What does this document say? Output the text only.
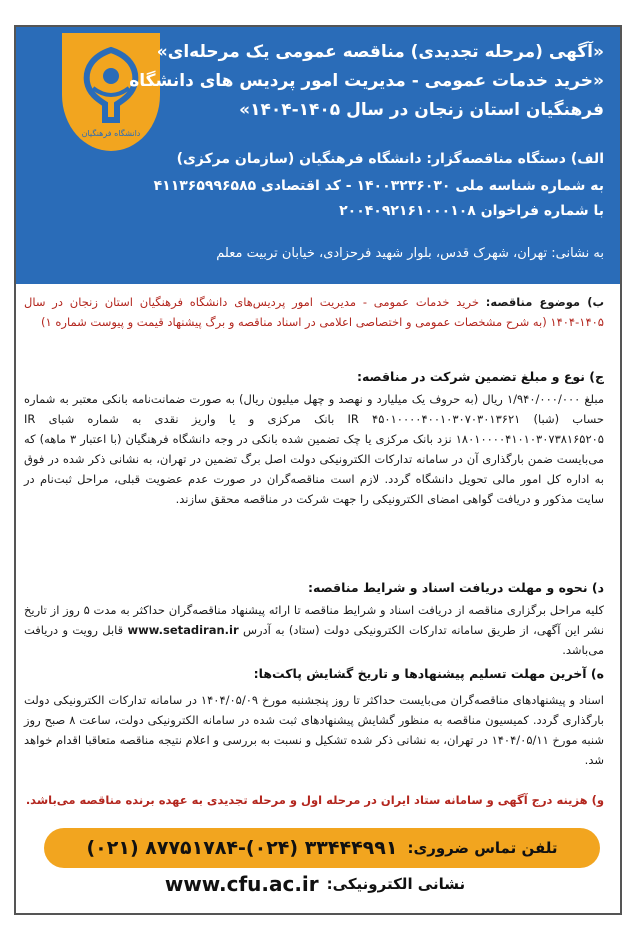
دانشگاه فرهنگیان
«آگهی (مرحله تجدیدی) مناقصه عمومی یک مرحله‌ای»
«خرید خدمات عمومی - مدیریت امور پردیس های دانشگاه
فرهنگیان استان زنجان در سال ۱۴۰۵-۱۴۰۴»
الف) دستگاه مناقصه‌گزار: دانشگاه فرهنگیان (سازمان مرکزی)
به شماره شناسه ملی ۱۴۰۰۳۲۳۶۰۳۰ - کد اقتصادی ۴۱۱۳۶۵۹۹۶۵۸۵
با شماره فراخوان ۲۰۰۴۰۹۲۱۶۱۰۰۰۱۰۸
به نشانی: تهران، شهرک قدس، بلوار شهید فرحزادی، خیابان تربیت معلم
ب) موضوع مناقصه: خرید خدمات عمومی - مدیریت امور پردیس‌های دانشگاه فرهنگیان استان زنجان در سال ۱۴۰۵-۱۴۰۴ (به شرح مشخصات عمومی و اختصاصی اعلامی در اسناد مناقصه و برگ پیشنهاد قیمت و پیوست شماره ۱)
ج) نوع و مبلغ تضمین شرکت در مناقصه:
مبلغ ۱/۹۴۰/۰۰۰/۰۰۰ ریال (به حروف یک میلیارد و نهصد و چهل میلیون ریال) به صورت ضمانت‌نامه بانکی معتبر به شماره حساب (شبا) IR ۴۵۰۱۰۰۰۰۴۰۰۱۰۳۰۷۰۳۰۱۳۶۲۱ بانک مرکزی و یا واریز نقدی به شماره شبای IR ۱۸۰۱۰۰۰۰۴۱۰۱۰۳۰۷۳۸۱۶۵۲۰۵ نزد بانک مرکزی یا چک تضمین شده بانکی در وجه دانشگاه فرهنگیان (با اعتبار ۳ ماهه) که می‌بایست ضمن بارگذاری آن در سامانه تدارکات الکترونیکی دولت اصل برگ تضمین در تهران، به نشانی ذکر شده در فوق به اداره کل امور مالی تحویل دانشگاه گردد. لازم است مناقصه‌گران در صورت عدم عضویت قبلی، مراحل ثبت‌نام در سایت مذکور و دریافت گواهی امضای الکترونیکی را جهت شرکت در مناقصه محقق سازند.
د) نحوه و مهلت دریافت اسناد و شرایط مناقصه:
کلیه مراحل برگزاری مناقصه از دریافت اسناد و شرایط مناقصه تا ارائه پیشنهاد مناقصه‌گران حداکثر به مدت ۵ روز از تاریخ نشر این آگهی، از طریق سامانه تدارکات الکترونیکی دولت (ستاد) به آدرس www.setadiran.ir قابل رویت و دریافت می‌باشد.
ه) آخرین مهلت تسلیم پیشنهادها و تاریخ گشایش پاکت‌ها:
اسناد و پیشنهادهای مناقصه‌گران می‌بایست حداکثر تا روز پنجشنبه مورخ ۱۴۰۴/۰۵/۰۹ در سامانه تدارکات الکترونیکی دولت بارگذاری گردد. کمیسیون مناقصه به منظور گشایش پیشنهادهای ثبت شده در سامانه الکترونیکی دولت، ساعت ۸ صبح روز شنبه مورخ ۱۴۰۴/۰۵/۱۱ در تهران، به نشانی ذکر شده تشکیل و نسبت به بررسی و اعلام نتیجه مناقصه متعاقبا اقدام خواهد شد.
و) هزینه درج آگهی و سامانه ستاد ایران در مرحله اول و مرحله تجدیدی به عهده برنده مناقصه می‌باشد.
تلفن تماس ضروری:
(۰۲۱) ۸۷۷۵۱۷۸۴-(۰۲۴) ۳۳۴۴۴۹۹۱
نشانی الکترونیکی:
www.cfu.ac.ir
